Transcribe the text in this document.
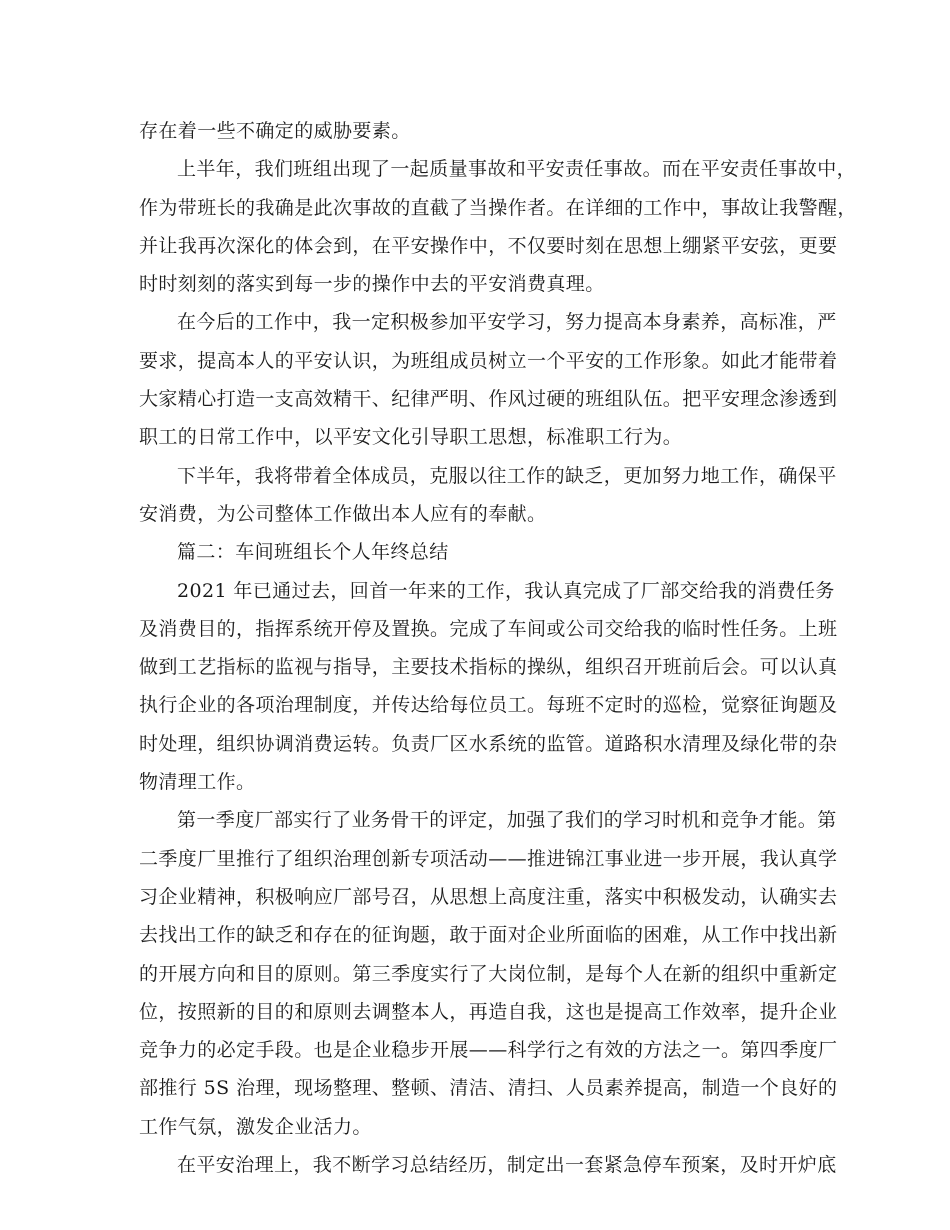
存在着一些不确定的威胁要素。
上半年，我们班组出现了一起质量事故和平安责任事故。而在平安责任事故中，
作为带班长的我确是此次事故的直截了当操作者。在详细的工作中，事故让我警醒，
并让我再次深化的体会到，在平安操作中，不仅要时刻在思想上绷紧平安弦，更要
时时刻刻的落实到每一步的操作中去的平安消费真理。
在今后的工作中，我一定积极参加平安学习，努力提高本身素养，高标准，严
要求，提高本人的平安认识，为班组成员树立一个平安的工作形象。如此才能带着
大家精心打造一支高效精干、纪律严明、作风过硬的班组队伍。把平安理念渗透到
职工的日常工作中，以平安文化引导职工思想，标准职工行为。
下半年，我将带着全体成员，克服以往工作的缺乏，更加努力地工作，确保平
安消费，为公司整体工作做出本人应有的奉献。
篇二：车间班组长个人年终总结
2021 年已通过去，回首一年来的工作，我认真完成了厂部交给我的消费任务
及消费目的，指挥系统开停及置换。完成了车间或公司交给我的临时性任务。上班
做到工艺指标的监视与指导，主要技术指标的操纵，组织召开班前后会。可以认真
执行企业的各项治理制度，并传达给每位员工。每班不定时的巡检，觉察征询题及
时处理，组织协调消费运转。负责厂区水系统的监管。道路积水清理及绿化带的杂
物清理工作。
第一季度厂部实行了业务骨干的评定，加强了我们的学习时机和竞争才能。第
二季度厂里推行了组织治理创新专项活动——推进锦江事业进一步开展，我认真学
习企业精神，积极响应厂部号召，从思想上高度注重，落实中积极发动，认确实去
去找出工作的缺乏和存在的征询题，敢于面对企业所面临的困难，从工作中找出新
的开展方向和目的原则。第三季度实行了大岗位制，是每个人在新的组织中重新定
位，按照新的目的和原则去调整本人，再造自我，这也是提高工作效率，提升企业
竞争力的必定手段。也是企业稳步开展——科学行之有效的方法之一。第四季度厂
部推行 5S 治理，现场整理、整顿、清洁、清扫、人员素养提高，制造一个良好的
工作气氛，激发企业活力。
在平安治理上，我不断学习总结经历，制定出一套紧急停车预案，及时开炉底
